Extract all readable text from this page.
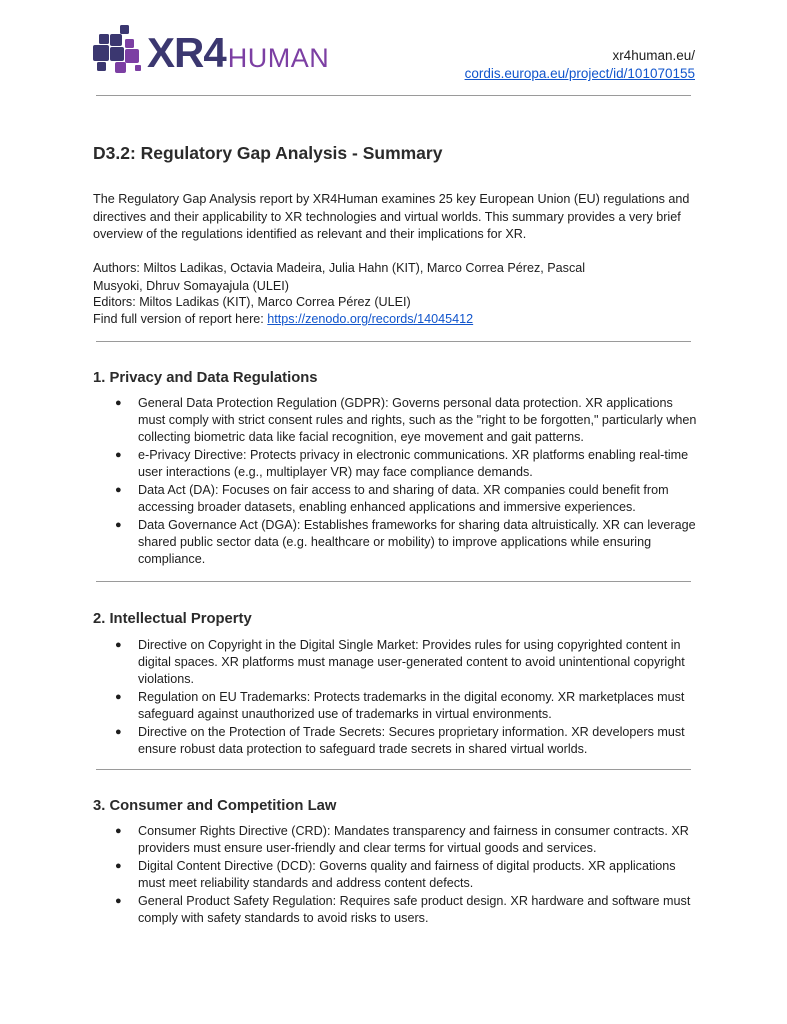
XR4 HUMAN	xr4human.eu/
cordis.europa.eu/project/id/101070155
D3.2: Regulatory Gap Analysis - Summary

The Regulatory Gap Analysis report by XR4Human examines 25 key European Union (EU) regulations and directives and their applicability to XR technologies and virtual worlds. This summary provides a very brief overview of the regulations identified as relevant and their implications for XR.

Authors: Miltos Ladikas, Octavia Madeira, Julia Hahn (KIT), Marco Correa Pérez, Pascal Musyoki, Dhruv Somayajula (ULEI)

Editors: Miltos Ladikas (KIT), Marco Correa Pérez (ULEI)

Find full version of report here: https://zenodo.org/records/14045412

1. Privacy and Data Regulations
● General Data Protection Regulation (GDPR): Governs personal data protection. XR applications must comply with strict consent rules and rights, such as the "right to be forgotten," particularly when collecting biometric data like facial recognition, eye movement and gait patterns.
● e-Privacy Directive: Protects privacy in electronic communications. XR platforms enabling real-time user interactions (e.g., multiplayer VR) may face compliance demands.
● Data Act (DA): Focuses on fair access to and sharing of data. XR companies could benefit from accessing broader datasets, enabling enhanced applications and immersive experiences.
● Data Governance Act (DGA): Establishes frameworks for sharing data altruistically. XR can leverage shared public sector data (e.g. healthcare or mobility) to improve applications while ensuring compliance.
2. Intellectual Property
● Directive on Copyright in the Digital Single Market: Provides rules for using copyrighted content in digital spaces. XR platforms must manage user-generated content to avoid unintentional copyright violations.
● Regulation on EU Trademarks: Protects trademarks in the digital economy. XR marketplaces must safeguard against unauthorized use of trademarks in virtual environments.
● Directive on the Protection of Trade Secrets: Secures proprietary information. XR developers must ensure robust data protection to safeguard trade secrets in shared virtual worlds.
3. Consumer and Competition Law
● Consumer Rights Directive (CRD): Mandates transparency and fairness in consumer contracts. XR providers must ensure user-friendly and clear terms for virtual goods and services.
● Digital Content Directive (DCD): Governs quality and fairness of digital products. XR applications must meet reliability standards and address content defects.
● General Product Safety Regulation: Requires safe product design. XR hardware and software must comply with safety standards to avoid risks to users.
